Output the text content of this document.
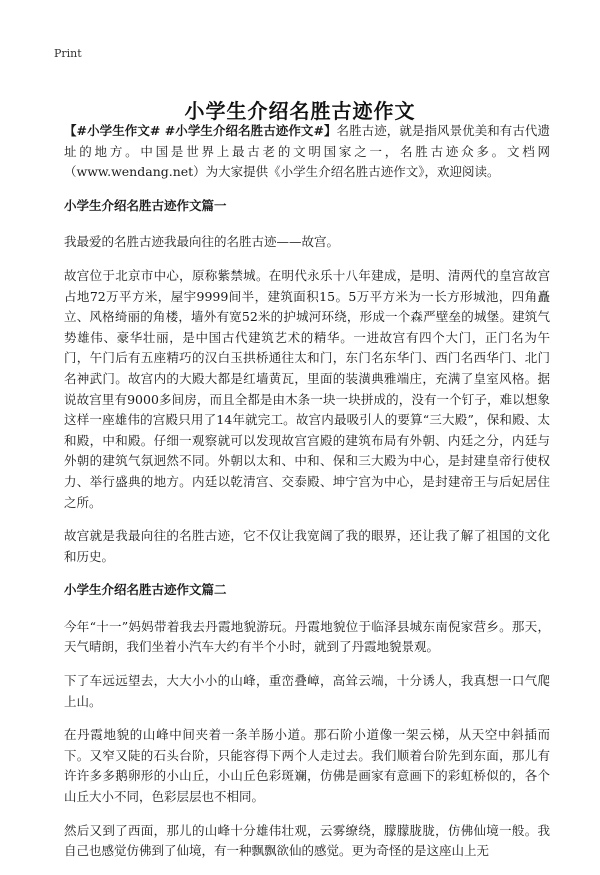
Print
小学生介绍名胜古迹作文

【#小学生作文# #小学生介绍名胜古迹作文#】名胜古迹，就是指风景优美和有古代遗址的地方。中国是世界上最古老的文明国家之一，名胜古迹众多。文档网（www.wendang.net）为大家提供《小学生介绍名胜古迹作文》，欢迎阅读。

小学生介绍名胜古迹作文篇一

我最爱的名胜古迹我最向往的名胜古迹——故宫。

故宫位于北京市中心，原称紫禁城。在明代永乐十八年建成，是明、清两代的皇宫故宫占地72万平方米，屋宇9999间半，建筑面积15。5万平方米为一长方形城池，四角矗立、风格绮丽的角楼，墙外有宽52米的护城河环绕，形成一个森严壁垒的城堡。建筑气势雄伟、豪华壮丽，是中国古代建筑艺术的精华。一进故宫有四个大门，正门名为午门，午门后有五座精巧的汉白玉拱桥通往太和门，东门名东华门、西门名西华门、北门名神武门。故宫内的大殿大都是红墙黄瓦，里面的装潢典雅端庄，充满了皇室风格。据说故宫里有9000多间房，而且全都是由木条一块一块拼成的，没有一个钉子，难以想象这样一座雄伟的宫殿只用了14年就完工。故宫内最吸引人的要算“三大殿”，保和殿、太和殿，中和殿。仔细一观察就可以发现故宫宫殿的建筑布局有外朝、内廷之分，内廷与外朝的建筑气氛迥然不同。外朝以太和、中和、保和三大殿为中心，是封建皇帝行使权力、举行盛典的地方。内廷以乾清宫、交泰殿、坤宁宫为中心，是封建帝王与后妃居住之所。

故宫就是我最向往的名胜古迹，它不仅让我宽阔了我的眼界，还让我了解了祖国的文化和历史。

小学生介绍名胜古迹作文篇二

今年“十一”妈妈带着我去丹霞地貌游玩。丹霞地貌位于临泽县城东南倪家营乡。那天，天气晴朗，我们坐着小汽车大约有半个小时，就到了丹霞地貌景观。

下了车远远望去，大大小小的山峰，重峦叠嶂，高耸云端，十分诱人，我真想一口气爬上山。

在丹霞地貌的山峰中间夹着一条羊肠小道。那石阶小道像一架云梯，从天空中斜插而下。又窄又陡的石头台阶，只能容得下两个人走过去。我们顺着台阶先到东面，那儿有许许多多鹅卵形的小山丘，小山丘色彩斑斓，仿佛是画家有意画下的彩虹桥似的，各个山丘大小不同，色彩层层也不相同。

然后又到了西面，那儿的山峰十分雄伟壮观，云雾缭绕，朦朦胧胧，仿佛仙境一般。我自己也感觉仿佛到了仙境，有一种飘飘欲仙的感觉。更为奇怪的是这座山上无
